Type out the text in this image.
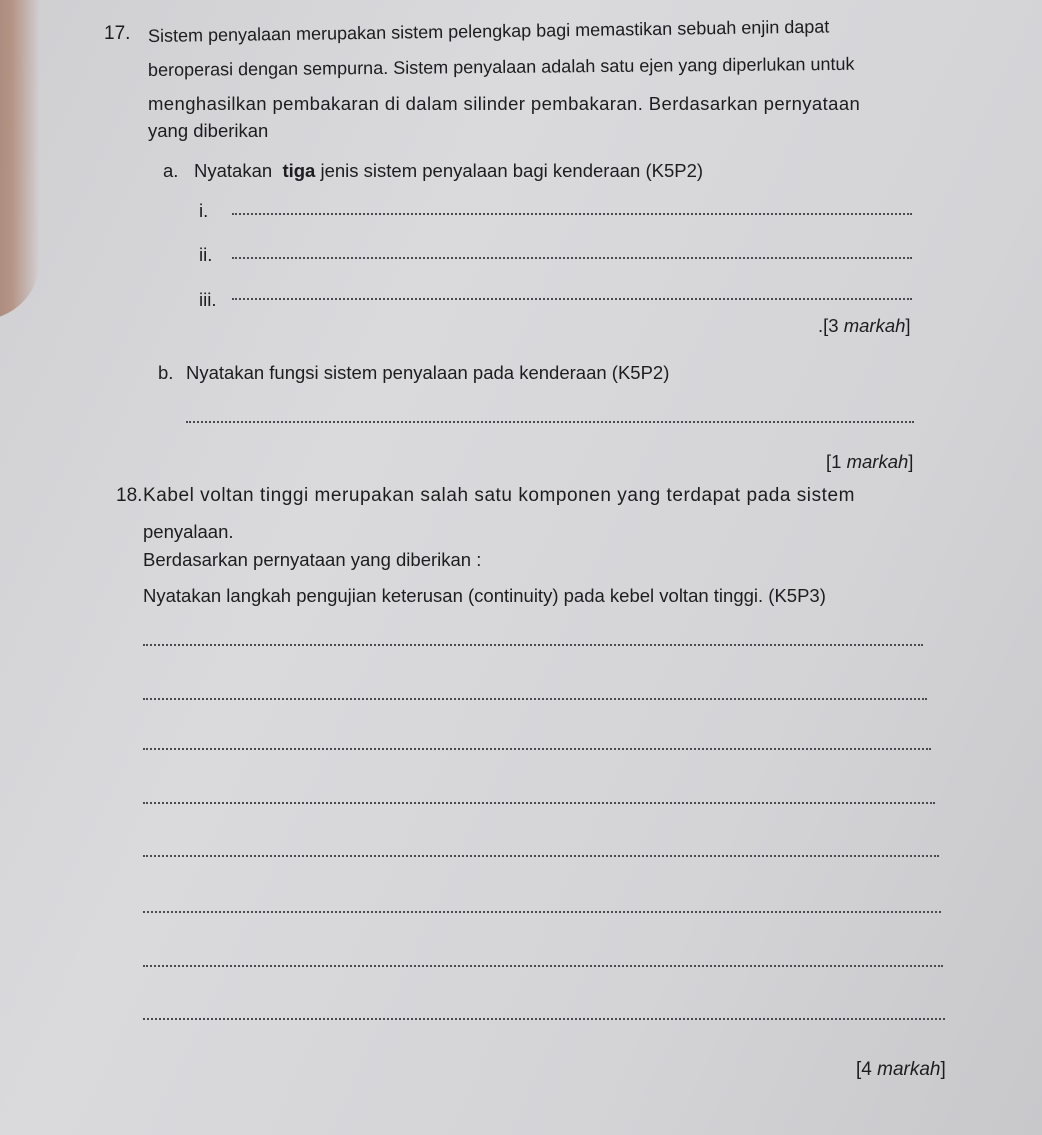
17. Sistem penyalaan merupakan sistem pelengkap bagi memastikan sebuah enjin dapat
beroperasi dengan sempurna. Sistem penyalaan adalah satu ejen yang diperlukan untuk
menghasilkan pembakaran di dalam silinder pembakaran. Berdasarkan pernyataan
yang diberikan
a. Nyatakan tiga jenis sistem penyalaan bagi kenderaan (K5P2)
i.
ii.
iii.
.[3 markah]
b. Nyatakan fungsi sistem penyalaan pada kenderaan (K5P2)
[1 markah]
18. Kabel voltan tinggi merupakan salah satu komponen yang terdapat pada sistem
penyalaan.
Berdasarkan pernyataan yang diberikan :
Nyatakan langkah pengujian keterusan (continuity) pada kebel voltan tinggi. (K5P3)
[4 markah]
